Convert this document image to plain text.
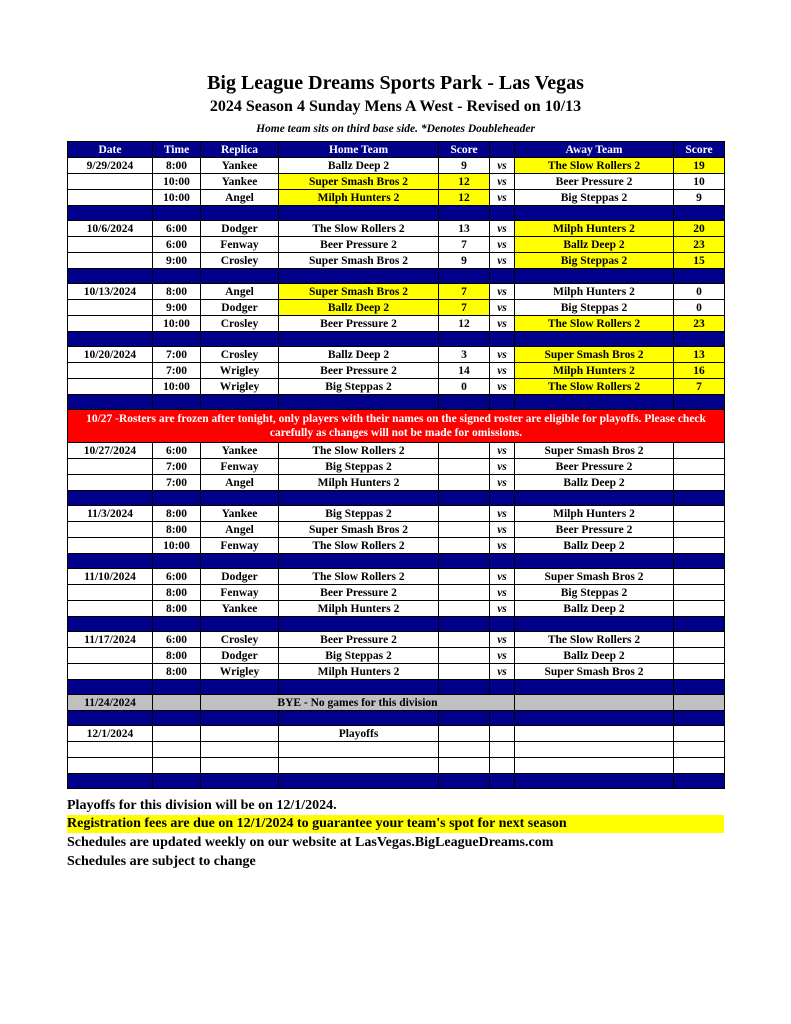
Big League Dreams Sports Park - Las Vegas
2024 Season 4 Sunday Mens A West - Revised on 10/13
Home team sits on third base side. *Denotes Doubleheader
Date	Time	Replica	Home Team	Score		Away Team	Score
9/29/2024	8:00	Yankee	Ballz Deep 2	9	vs	The Slow Rollers 2	19
	10:00	Yankee	Super Smash Bros 2	12	vs	Beer Pressure 2	10
	10:00	Angel	Milph Hunters 2	12	vs	Big Steppas 2	9

10/6/2024	6:00	Dodger	The Slow Rollers 2	13	vs	Milph Hunters 2	20
	6:00	Fenway	Beer Pressure 2	7	vs	Ballz Deep 2	23
	9:00	Crosley	Super Smash Bros 2	9	vs	Big Steppas 2	15

10/13/2024	8:00	Angel	Super Smash Bros 2	7	vs	Milph Hunters 2	0
	9:00	Dodger	Ballz Deep 2	7	vs	Big Steppas 2	0
	10:00	Crosley	Beer Pressure 2	12	vs	The Slow Rollers 2	23

10/20/2024	7:00	Crosley	Ballz Deep 2	3	vs	Super Smash Bros 2	13
	7:00	Wrigley	Beer Pressure 2	14	vs	Milph Hunters 2	16
	10:00	Wrigley	Big Steppas 2	0	vs	The Slow Rollers 2	7

10/27 -Rosters are frozen after tonight, only players with their names on the signed roster are eligible for playoffs. Please check carefully as changes will not be made for omissions.							
10/27/2024	6:00	Yankee	The Slow Rollers 2		vs	Super Smash Bros 2	
	7:00	Fenway	Big Steppas 2		vs	Beer Pressure 2	
	7:00	Angel	Milph Hunters 2		vs	Ballz Deep 2	

11/3/2024	8:00	Yankee	Big Steppas 2		vs	Milph Hunters 2	
	8:00	Angel	Super Smash Bros 2		vs	Beer Pressure 2	
	10:00	Fenway	The Slow Rollers 2		vs	Ballz Deep 2	

11/10/2024	6:00	Dodger	The Slow Rollers 2		vs	Super Smash Bros 2	
	8:00	Fenway	Beer Pressure 2		vs	Big Steppas 2	
	8:00	Yankee	Milph Hunters 2		vs	Ballz Deep 2	

11/17/2024	6:00	Crosley	Beer Pressure 2		vs	The Slow Rollers 2	
	8:00	Dodger	Big Steppas 2		vs	Ballz Deep 2	
	8:00	Wrigley	Milph Hunters 2		vs	Super Smash Bros 2	

11/24/2024		BYE - No games for this division					

12/1/2024			Playoffs				

Playoffs for this division will be on 12/1/2024.
Registration fees are due on 12/1/2024 to guarantee your team's spot for next season
Schedules are updated weekly on our website at LasVegas.BigLeagueDreams.com
Schedules are subject to change
